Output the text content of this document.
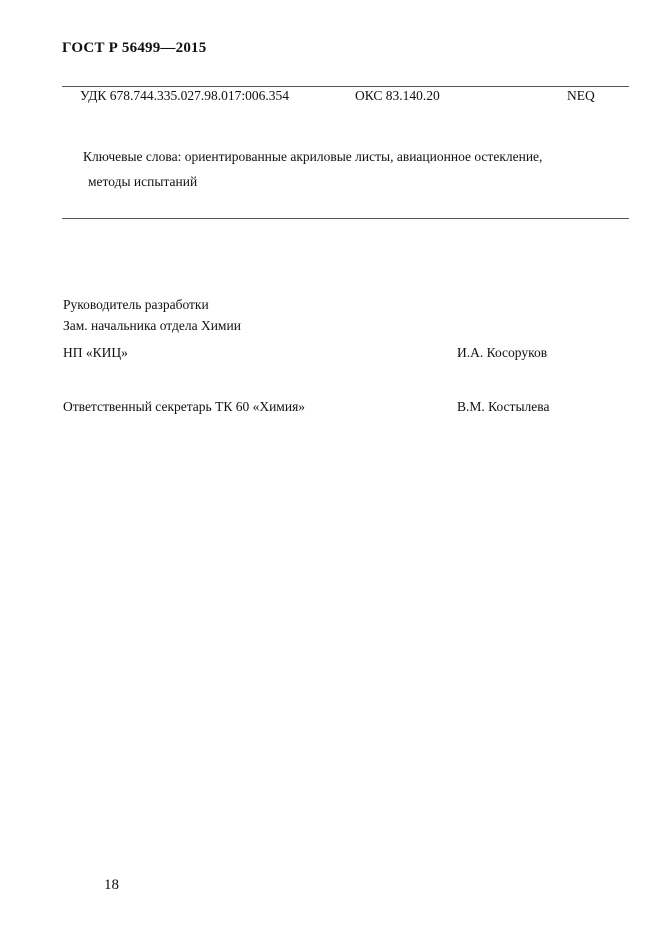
ГОСТ Р 56499—2015
УДК 678.744.335.027.98.017:006.354	ОКС 83.140.20	NEQ
Ключевые слова: ориентированные акриловые листы, авиационное остекление,
методы испытаний
Руководитель разработки
Зам. начальника отдела Химии
НП «КИЦ»	И.А. Косоруков
Ответственный секретарь ТК 60 «Химия»	В.М. Костылева
18
